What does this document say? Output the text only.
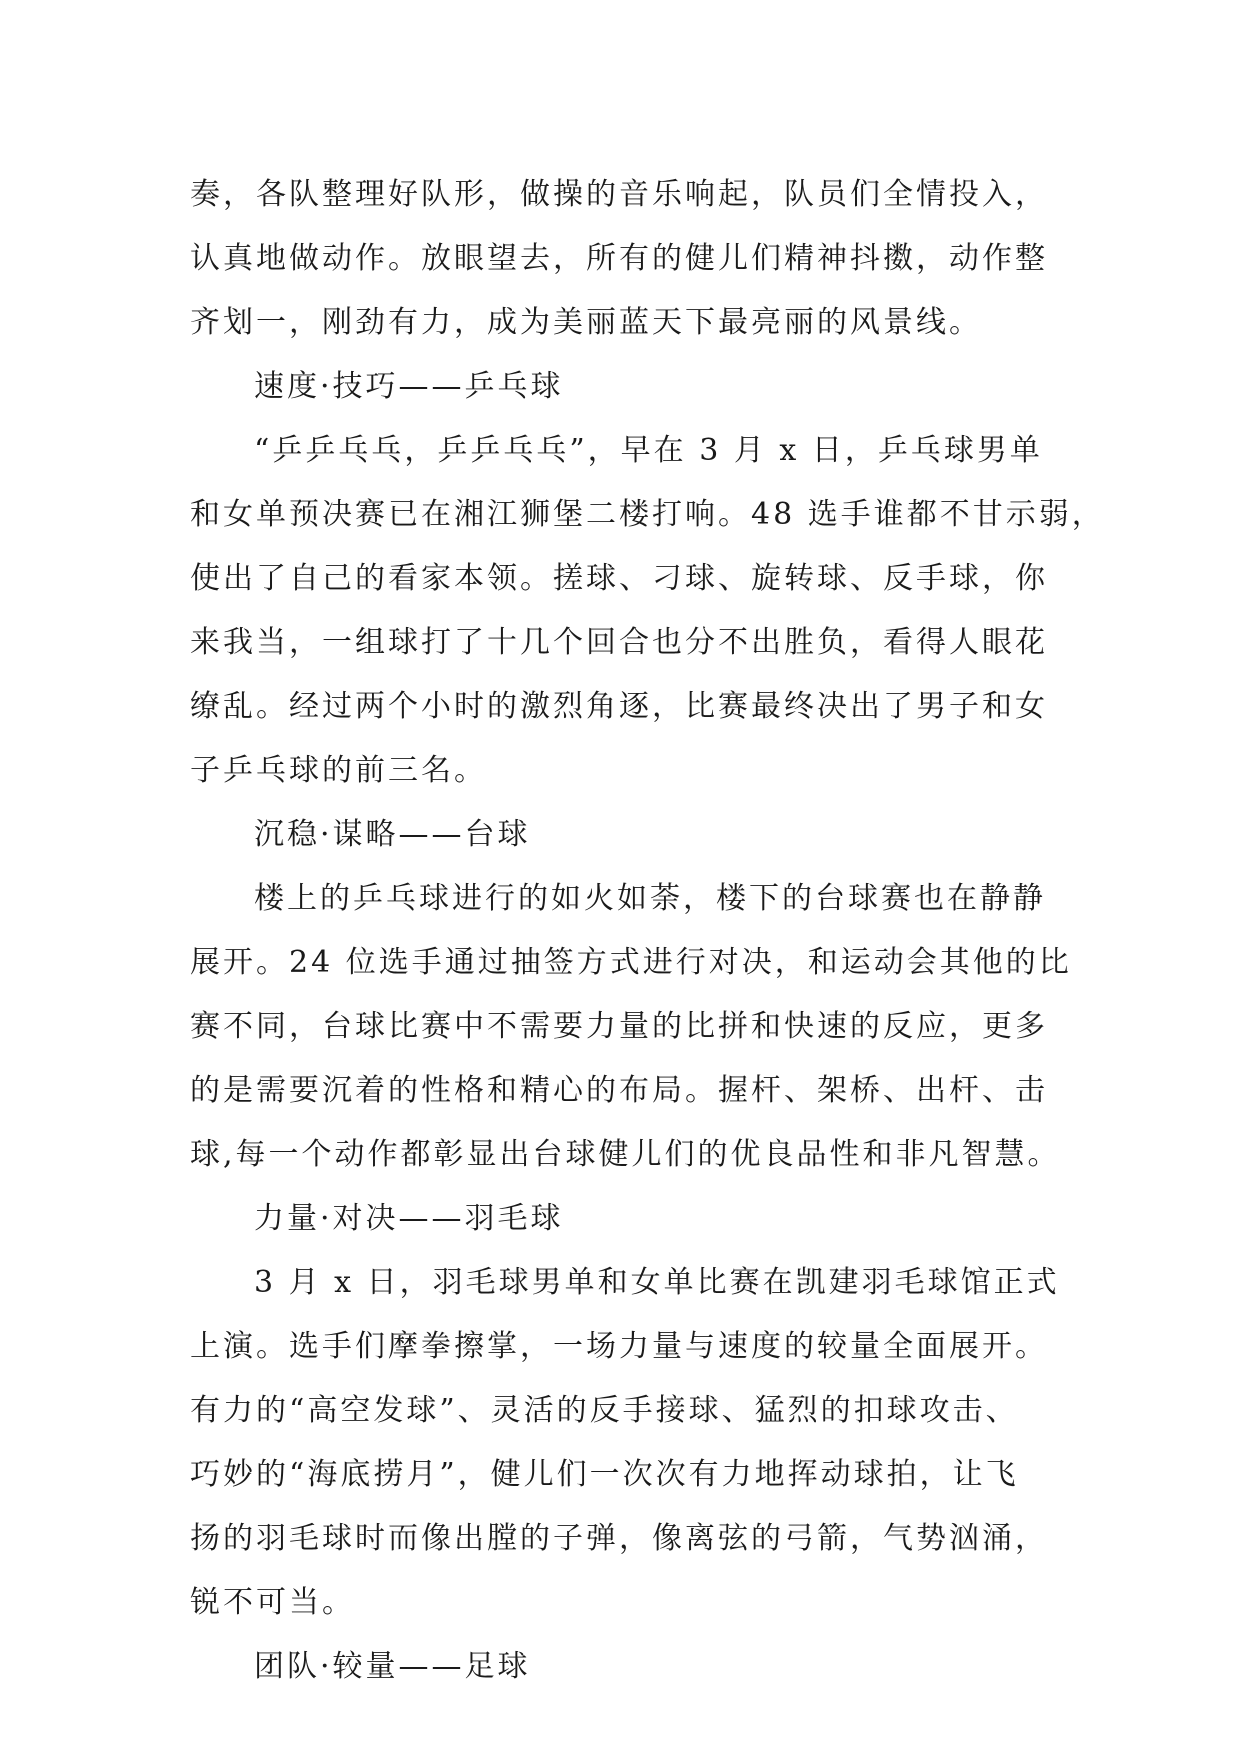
奏，各队整理好队形，做操的音乐响起，队员们全情投入，
认真地做动作。放眼望去，所有的健儿们精神抖擞，动作整
齐划一，刚劲有力，成为美丽蓝天下最亮丽的风景线。
速度·技巧——乒乓球
“乒乒乓乓，乒乒乓乓”，早在 3 月 x 日，乒乓球男单
和女单预决赛已在湘江狮堡二楼打响。48 选手谁都不甘示弱，
使出了自己的看家本领。搓球、刁球、旋转球、反手球，你
来我当，一组球打了十几个回合也分不出胜负，看得人眼花
缭乱。经过两个小时的激烈角逐，比赛最终决出了男子和女
子乒乓球的前三名。
沉稳·谋略——台球
楼上的乒乓球进行的如火如荼，楼下的台球赛也在静静
展开。24 位选手通过抽签方式进行对决，和运动会其他的比
赛不同，台球比赛中不需要力量的比拼和快速的反应，更多
的是需要沉着的性格和精心的布局。握杆、架桥、出杆、击
球,每一个动作都彰显出台球健儿们的优良品性和非凡智慧。
力量·对决——羽毛球
3 月 x 日，羽毛球男单和女单比赛在凯建羽毛球馆正式
上演。选手们摩拳擦掌，一场力量与速度的较量全面展开。
有力的“高空发球”、灵活的反手接球、猛烈的扣球攻击、
巧妙的“海底捞月”，健儿们一次次有力地挥动球拍，让飞
扬的羽毛球时而像出膛的子弹，像离弦的弓箭，气势汹涌，
锐不可当。
团队·较量——足球
